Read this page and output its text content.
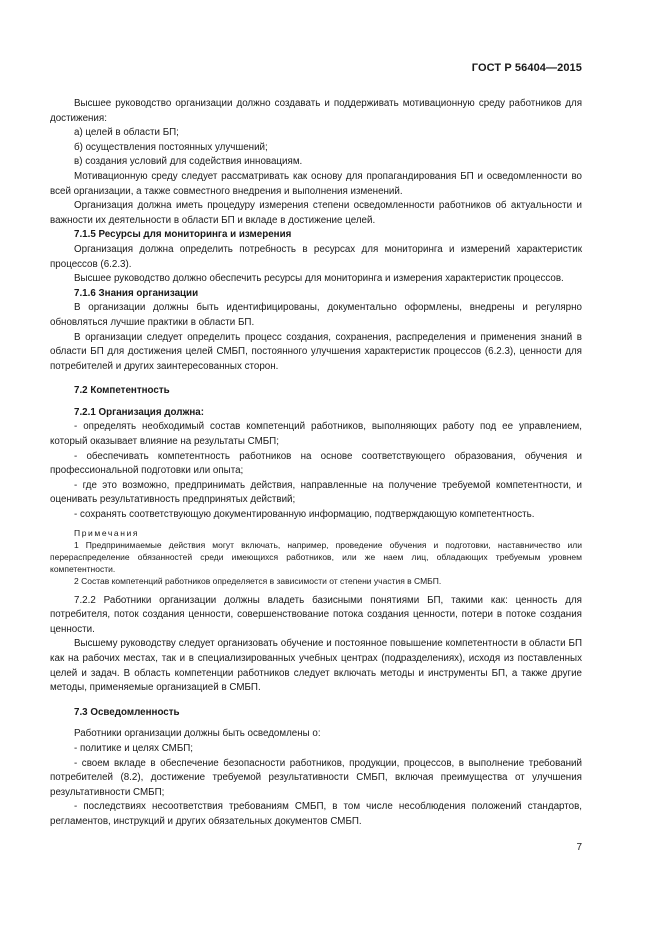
ГОСТ Р 56404—2015

Высшее руководство организации должно создавать и поддерживать мотивационную среду работников для достижения:

а) целей в области БП;

б) осуществления постоянных улучшений;

в) создания условий для содействия инновациям.

Мотивационную среду следует рассматривать как основу для пропагандирования БП и осведомленности во всей организации, а также совместного внедрения и выполнения изменений.

Организация должна иметь процедуру измерения степени осведомленности работников об актуальности и важности их деятельности в области БП и вкладе в достижение целей.

7.1.5 Ресурсы для мониторинга и измерения

Организация должна определить потребность в ресурсах для мониторинга и измерений характеристик процессов (6.2.3).

Высшее руководство должно обеспечить ресурсы для мониторинга и измерения характеристик процессов.

7.1.6 Знания организации

В организации должны быть идентифицированы, документально оформлены, внедрены и регулярно обновляться лучшие практики в области БП.

В организации следует определить процесс создания, сохранения, распределения и применения знаний в области БП для достижения целей СМБП, постоянного улучшения характеристик процессов (6.2.3), ценности для потребителей и других заинтересованных сторон.

7.2 Компетентность

7.2.1 Организация должна:

- определять необходимый состав компетенций работников, выполняющих работу под ее управлением, который оказывает влияние на результаты СМБП;

- обеспечивать компетентность работников на основе соответствующего образования, обучения и профессиональной подготовки или опыта;

- где это возможно, предпринимать действия, направленные на получение требуемой компетентности, и оценивать результативность предпринятых действий;

- сохранять соответствующую документированную информацию, подтверждающую компетентность.

Примечания

1 Предпринимаемые действия могут включать, например, проведение обучения и подготовки, наставничество или перераспределение обязанностей среди имеющихся работников, или же наем лиц, обладающих требуемым уровнем компетентности.

2 Состав компетенций работников определяется в зависимости от степени участия в СМБП.

7.2.2 Работники организации должны владеть базисными понятиями БП, такими как: ценность для потребителя, поток создания ценности, совершенствование потока создания ценности, потери в потоке создания ценности.

Высшему руководству следует организовать обучение и постоянное повышение компетентности в области БП как на рабочих местах, так и в специализированных учебных центрах (подразделениях), исходя из поставленных целей и задач. В область компетенции работников следует включать методы и инструменты БП, а также другие методы, применяемые организацией в СМБП.

7.3 Осведомленность

Работники организации должны быть осведомлены о:

- политике и целях СМБП;

- своем вкладе в обеспечение безопасности работников, продукции, процессов, в выполнение требований потребителей (8.2), достижение требуемой результативности СМБП, включая преимущества от улучшения результативности СМБП;

- последствиях несоответствия требованиям СМБП, в том числе несоблюдения положений стандартов, регламентов, инструкций и других обязательных документов СМБП.

7
